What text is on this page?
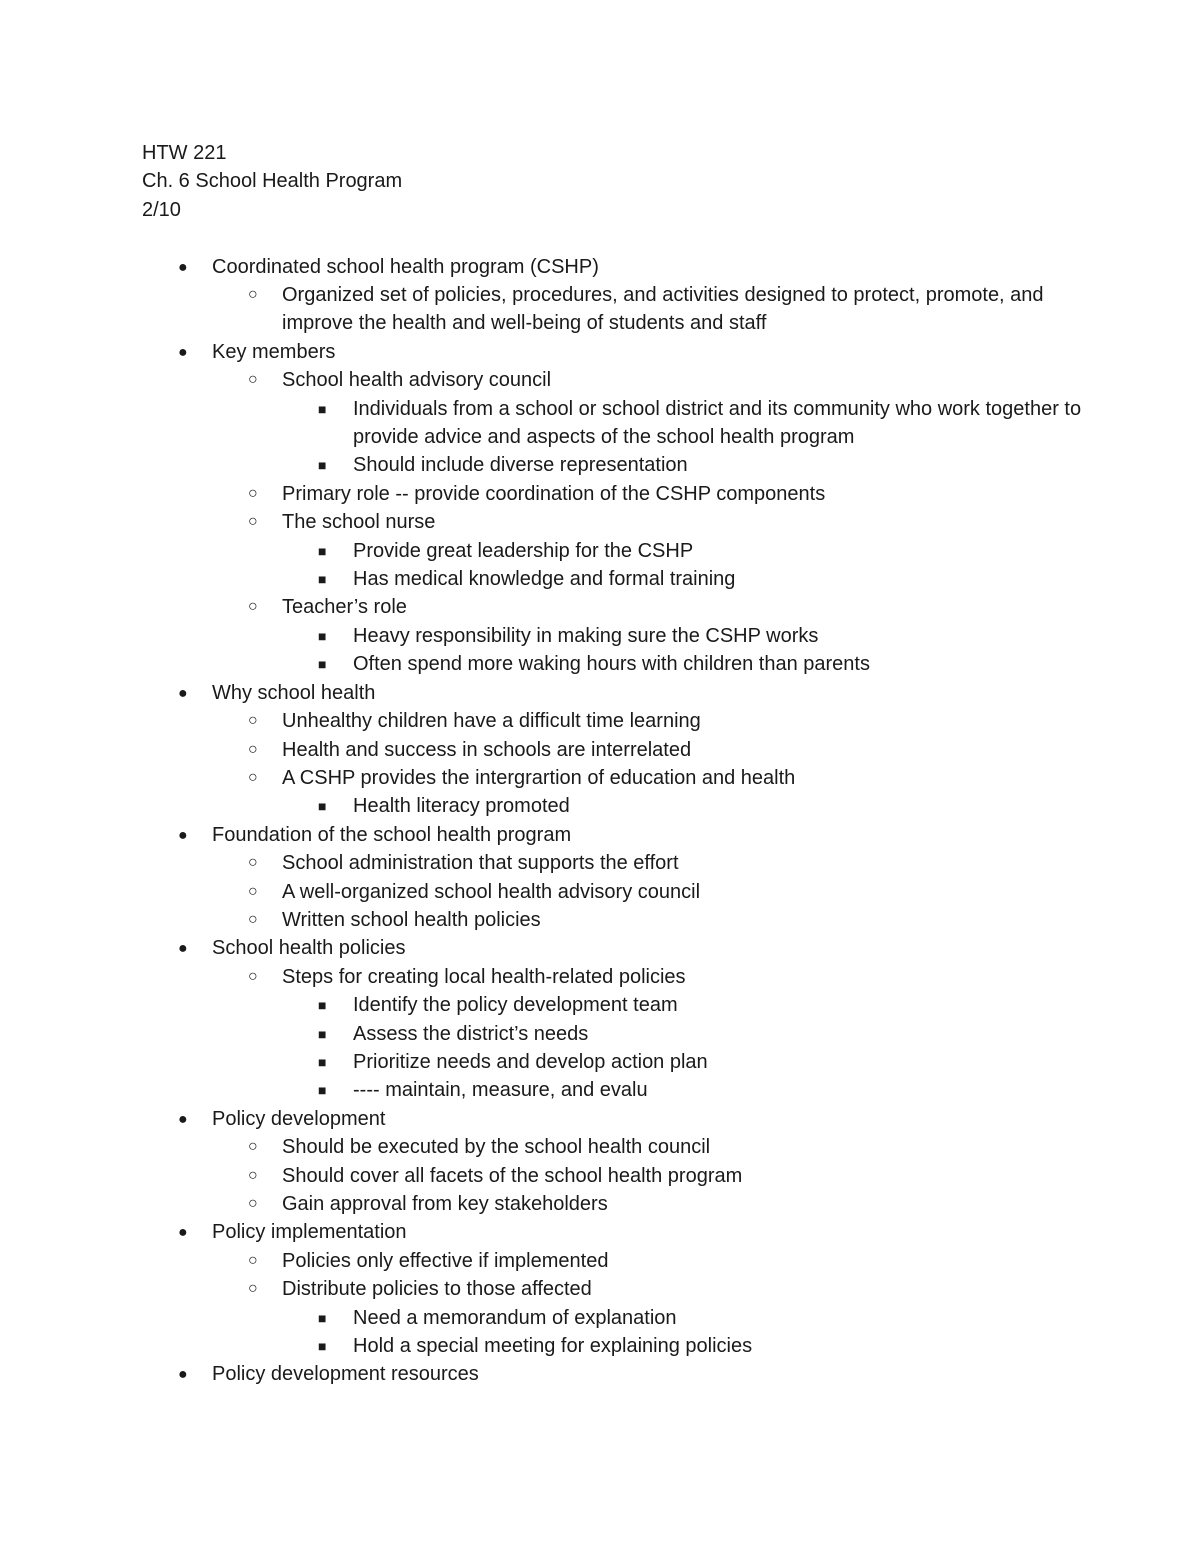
HTW 221
Ch. 6 School Health Program
2/10
● Coordinated school health program (CSHP)
○ Organized set of policies, procedures, and activities designed to protect, promote, and improve the health and well-being of students and staff
● Key members
○ School health advisory council
■ Individuals from a school or school district and its community who work together to provide advice and aspects of the school health program
■ Should include diverse representation
○ Primary role -- provide coordination of the CSHP components
○ The school nurse
■ Provide great leadership for the CSHP
■ Has medical knowledge and formal training
○ Teacher’s role
■ Heavy responsibility in making sure the CSHP works
■ Often spend more waking hours with children than parents
● Why school health
○ Unhealthy children have a difficult time learning
○ Health and success in schools are interrelated
○ A CSHP provides the intergrartion of education and health
■ Health literacy promoted
● Foundation of the school health program
○ School administration that supports the effort
○ A well-organized school health advisory council
○ Written school health policies
● School health policies
○ Steps for creating local health-related policies
■ Identify the policy development team
■ Assess the district’s needs
■ Prioritize needs and develop action plan
■ ---- maintain, measure, and evalu
● Policy development
○ Should be executed by the school health council
○ Should cover all facets of the school health program
○ Gain approval from key stakeholders
● Policy implementation
○ Policies only effective if implemented
○ Distribute policies to those affected
■ Need a memorandum of explanation
■ Hold a special meeting for explaining policies
● Policy development resources
